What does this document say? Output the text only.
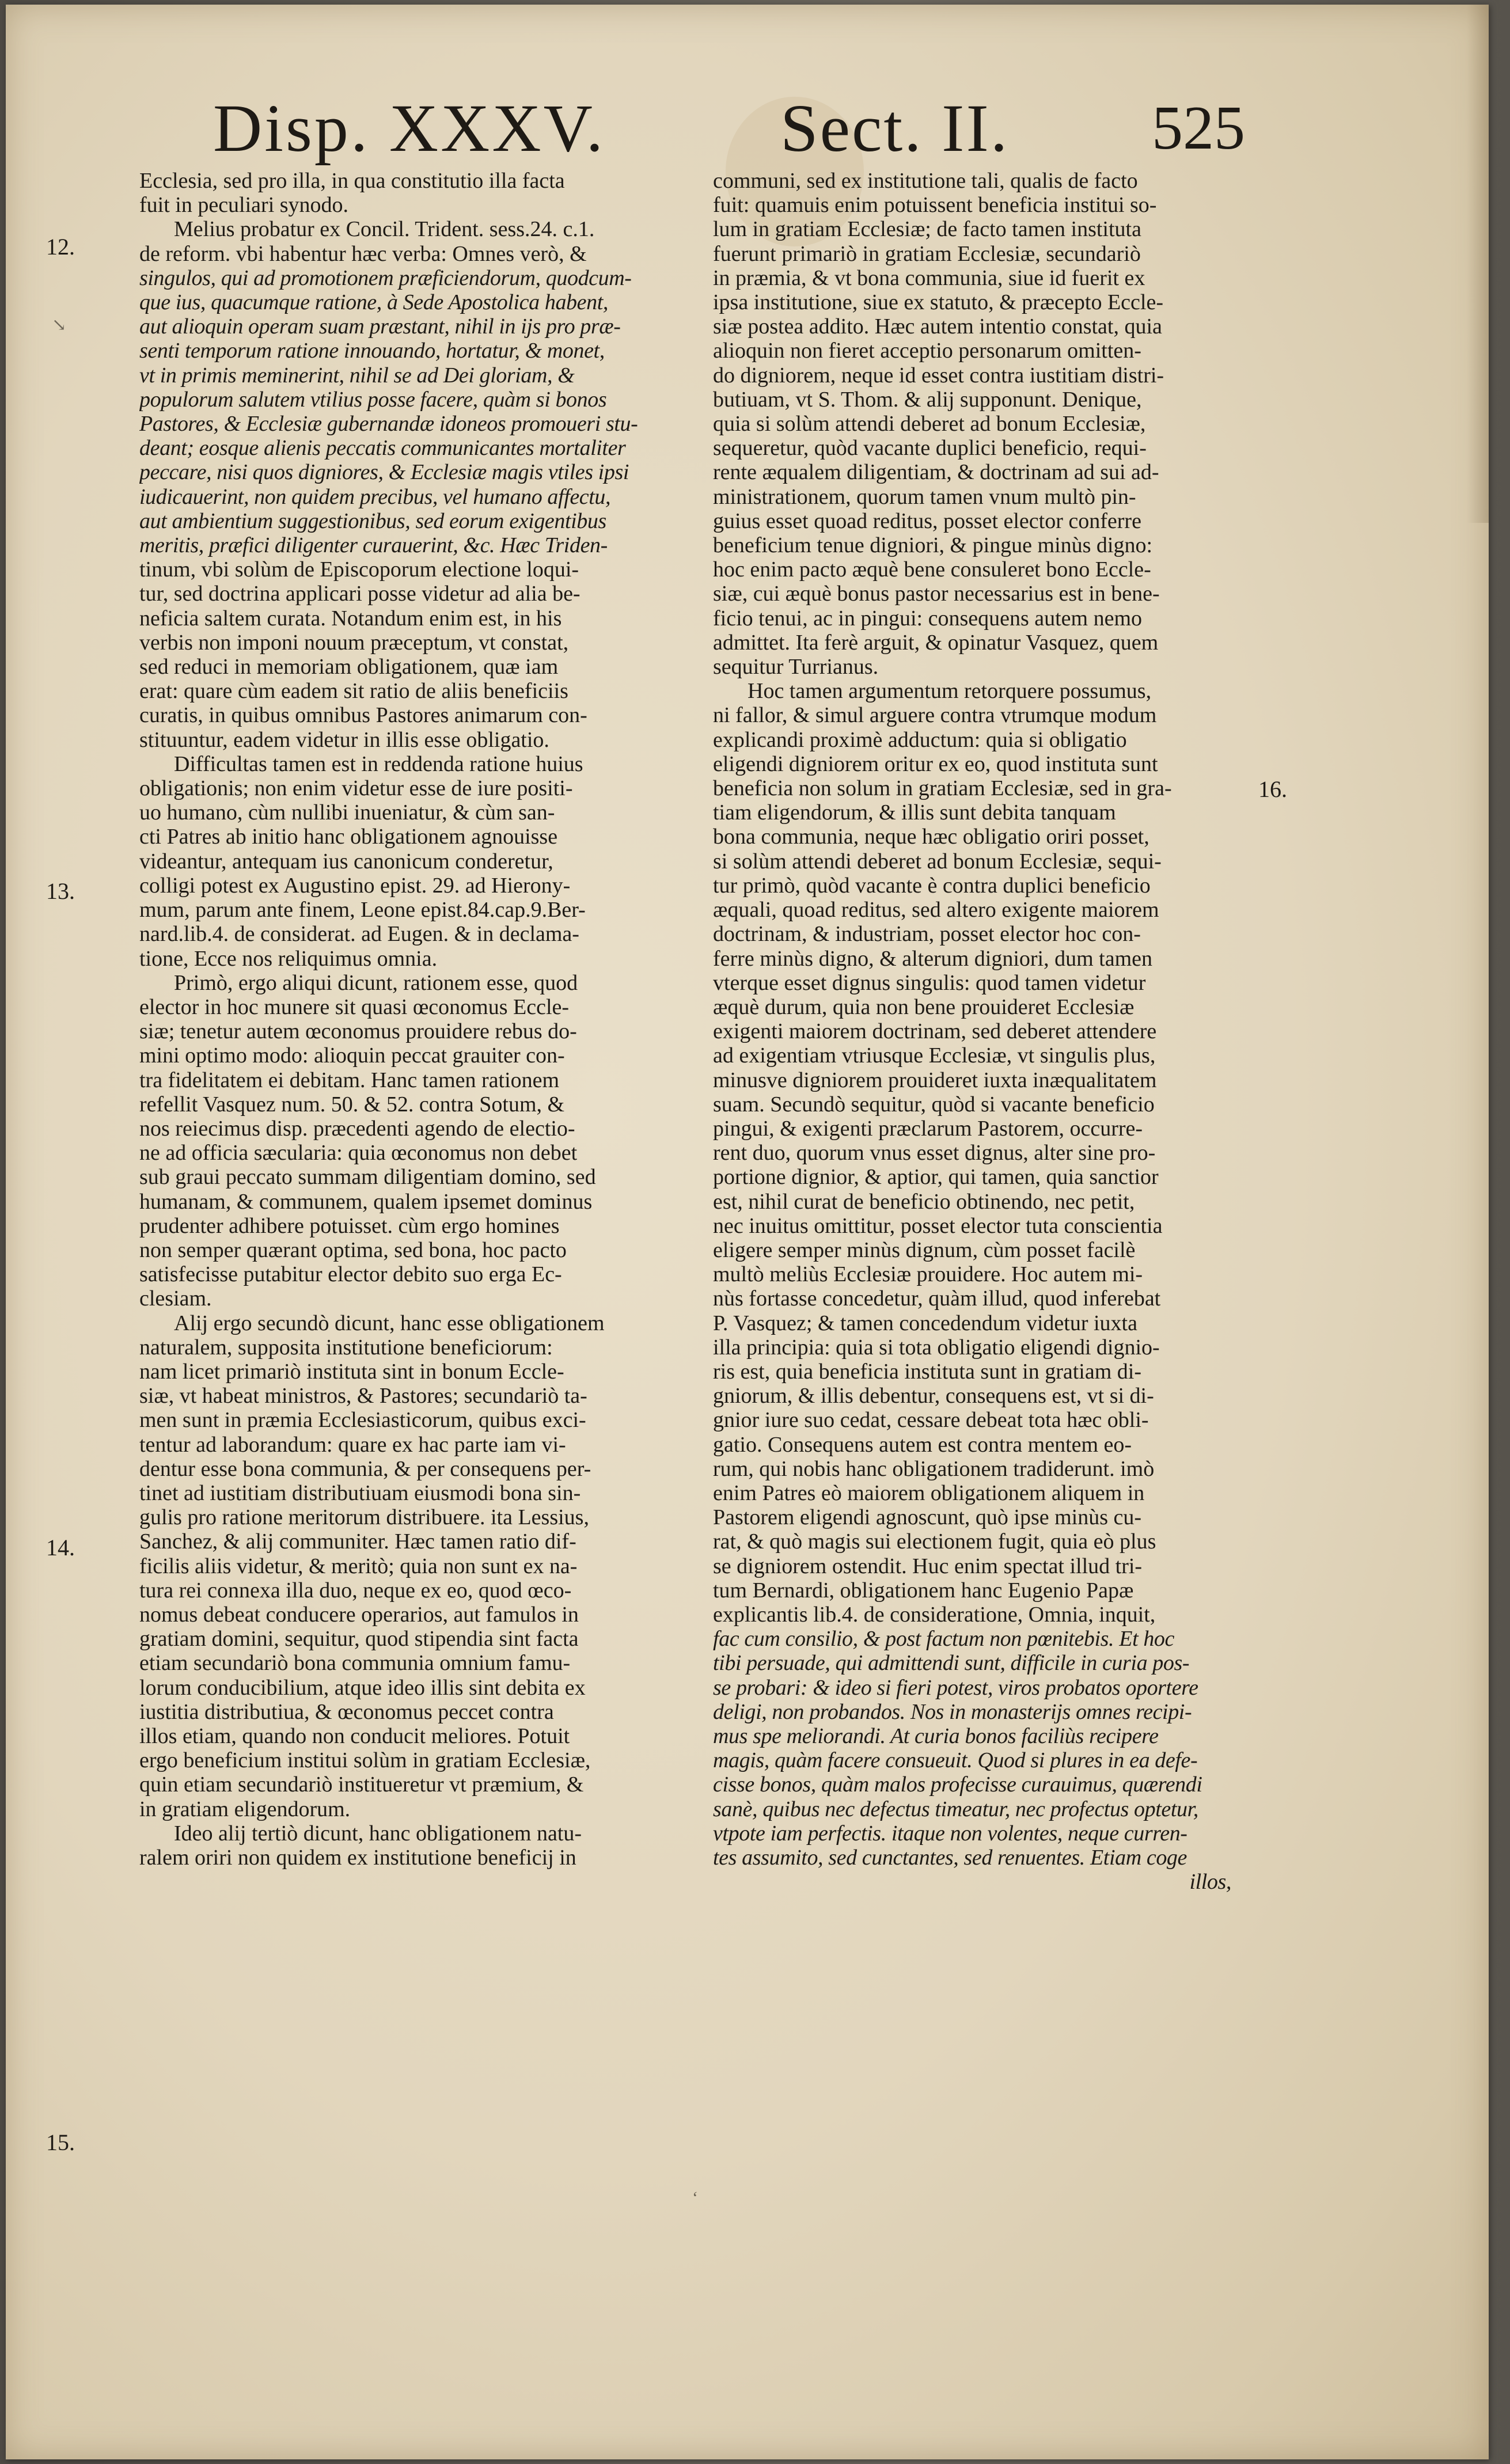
Disp. XXXV.	Sect. II. 525
12.
13.
14.
15.
16.
↘
‘
Ecclesia, sed pro illa, in qua constitutio illa facta
fuit in peculiari synodo.
Melius probatur ex Concil. Trident. sess.24. c.1.
de reform. vbi habentur hæc verba: Omnes verò, &
singulos, qui ad promotionem præficiendorum, quodcum-
que ius, quacumque ratione, à Sede Apostolica habent,
aut alioquin operam suam præstant, nihil in ijs pro præ-
senti temporum ratione innouando, hortatur, & monet,
vt in primis meminerint, nihil se ad Dei gloriam, &
populorum salutem vtilius posse facere, quàm si bonos
Pastores, & Ecclesiæ gubernandæ idoneos promoueri stu-
deant; eosque alienis peccatis communicantes mortaliter
peccare, nisi quos digniores, & Ecclesiæ magis vtiles ipsi
iudicauerint, non quidem precibus, vel humano affectu,
aut ambientium suggestionibus, sed eorum exigentibus
meritis, præfici diligenter curauerint, &c. Hæc Triden-
tinum, vbi solùm de Episcoporum electione loqui-
tur, sed doctrina applicari posse videtur ad alia be-
neficia saltem curata. Notandum enim est, in his
verbis non imponi nouum præceptum, vt constat,
sed reduci in memoriam obligationem, quæ iam
erat: quare cùm eadem sit ratio de aliis beneficiis
curatis, in quibus omnibus Pastores animarum con-
stituuntur, eadem videtur in illis esse obligatio.
Difficultas tamen est in reddenda ratione huius
obligationis; non enim videtur esse de iure positi-
uo humano, cùm nullibi inueniatur, & cùm san-
cti Patres ab initio hanc obligationem agnouisse
videantur, antequam ius canonicum conderetur,
colligi potest ex Augustino epist. 29. ad Hierony-
mum, parum ante finem, Leone epist.84.cap.9.Ber-
nard.lib.4. de considerat. ad Eugen. & in declama-
tione, Ecce nos reliquimus omnia.
Primò, ergo aliqui dicunt, rationem esse, quod
elector in hoc munere sit quasi œconomus Eccle-
siæ; tenetur autem œconomus prouidere rebus do-
mini optimo modo: alioquin peccat grauiter con-
tra fidelitatem ei debitam. Hanc tamen rationem
refellit Vasquez num. 50. & 52. contra Sotum, &
nos reiecimus disp. præcedenti agendo de electio-
ne ad officia sæcularia: quia œconomus non debet
sub graui peccato summam diligentiam domino, sed
humanam, & communem, qualem ipsemet dominus
prudenter adhibere potuisset. cùm ergo homines
non semper quærant optima, sed bona, hoc pacto
satisfecisse putabitur elector debito suo erga Ec-
clesiam.
Alij ergo secundò dicunt, hanc esse obligationem
naturalem, supposita institutione beneficiorum:
nam licet primariò instituta sint in bonum Eccle-
siæ, vt habeat ministros, & Pastores; secundariò ta-
men sunt in præmia Ecclesiasticorum, quibus exci-
tentur ad laborandum: quare ex hac parte iam vi-
dentur esse bona communia, & per consequens per-
tinet ad iustitiam distributiuam eiusmodi bona sin-
gulis pro ratione meritorum distribuere. ita Lessius,
Sanchez, & alij communiter. Hæc tamen ratio dif-
ficilis aliis videtur, & meritò; quia non sunt ex na-
tura rei connexa illa duo, neque ex eo, quod œco-
nomus debeat conducere operarios, aut famulos in
gratiam domini, sequitur, quod stipendia sint facta
etiam secundariò bona communia omnium famu-
lorum conducibilium, atque ideo illis sint debita ex
iustitia distributiua, & œconomus peccet contra
illos etiam, quando non conducit meliores. Potuit
ergo beneficium institui solùm in gratiam Ecclesiæ,
quin etiam secundariò institueretur vt præmium, &
in gratiam eligendorum.
Ideo alij tertiò dicunt, hanc obligationem natu-
ralem oriri non quidem ex institutione beneficij in
communi, sed ex institutione tali, qualis de facto
fuit: quamuis enim potuissent beneficia institui so-
lum in gratiam Ecclesiæ; de facto tamen instituta
fuerunt primariò in gratiam Ecclesiæ, secundariò
in præmia, & vt bona communia, siue id fuerit ex
ipsa institutione, siue ex statuto, & præcepto Eccle-
siæ postea addito. Hæc autem intentio constat, quia
alioquin non fieret acceptio personarum omitten-
do digniorem, neque id esset contra iustitiam distri-
butiuam, vt S. Thom. & alij supponunt. Denique,
quia si solùm attendi deberet ad bonum Ecclesiæ,
sequeretur, quòd vacante duplici beneficio, requi-
rente æqualem diligentiam, & doctrinam ad sui ad-
ministrationem, quorum tamen vnum multò pin-
guius esset quoad reditus, posset elector conferre
beneficium tenue digniori, & pingue minùs digno:
hoc enim pacto æquè bene consuleret bono Eccle-
siæ, cui æquè bonus pastor necessarius est in bene-
ficio tenui, ac in pingui: consequens autem nemo
admittet. Ita ferè arguit, & opinatur Vasquez, quem
sequitur Turrianus.
Hoc tamen argumentum retorquere possumus,
ni fallor, & simul arguere contra vtrumque modum
explicandi proximè adductum: quia si obligatio
eligendi digniorem oritur ex eo, quod instituta sunt
beneficia non solum in gratiam Ecclesiæ, sed in gra-
tiam eligendorum, & illis sunt debita tanquam
bona communia, neque hæc obligatio oriri posset,
si solùm attendi deberet ad bonum Ecclesiæ, sequi-
tur primò, quòd vacante è contra duplici beneficio
æquali, quoad reditus, sed altero exigente maiorem
doctrinam, & industriam, posset elector hoc con-
ferre minùs digno, & alterum digniori, dum tamen
vterque esset dignus singulis: quod tamen videtur
æquè durum, quia non bene prouideret Ecclesiæ
exigenti maiorem doctrinam, sed deberet attendere
ad exigentiam vtriusque Ecclesiæ, vt singulis plus,
minusve digniorem prouideret iuxta inæqualitatem
suam. Secundò sequitur, quòd si vacante beneficio
pingui, & exigenti præclarum Pastorem, occurre-
rent duo, quorum vnus esset dignus, alter sine pro-
portione dignior, & aptior, qui tamen, quia sanctior
est, nihil curat de beneficio obtinendo, nec petit,
nec inuitus omittitur, posset elector tuta conscientia
eligere semper minùs dignum, cùm posset facilè
multò meliùs Ecclesiæ prouidere. Hoc autem mi-
nùs fortasse concedetur, quàm illud, quod inferebat
P. Vasquez; & tamen concedendum videtur iuxta
illa principia: quia si tota obligatio eligendi dignio-
ris est, quia beneficia instituta sunt in gratiam di-
gniorum, & illis debentur, consequens est, vt si di-
gnior iure suo cedat, cessare debeat tota hæc obli-
gatio. Consequens autem est contra mentem eo-
rum, qui nobis hanc obligationem tradiderunt. imò
enim Patres eò maiorem obligationem aliquem in
Pastorem eligendi agnoscunt, quò ipse minùs cu-
rat, & quò magis sui electionem fugit, quia eò plus
se digniorem ostendit. Huc enim spectat illud tri-
tum Bernardi, obligationem hanc Eugenio Papæ
explicantis lib.4. de consideratione, Omnia, inquit,
fac cum consilio, & post factum non pœnitebis. Et hoc
tibi persuade, qui admittendi sunt, difficile in curia pos-
se probari: & ideo si fieri potest, viros probatos oportere
deligi, non probandos. Nos in monasterijs omnes recipi-
mus spe meliorandi. At curia bonos faciliùs recipere
magis, quàm facere consueuit. Quod si plures in ea defe-
cisse bonos, quàm malos profecisse curauimus, quærendi
sanè, quibus nec defectus timeatur, nec profectus optetur,
vtpote iam perfectis. itaque non volentes, neque curren-
tes assumito, sed cunctantes, sed renuentes. Etiam coge
illos,
